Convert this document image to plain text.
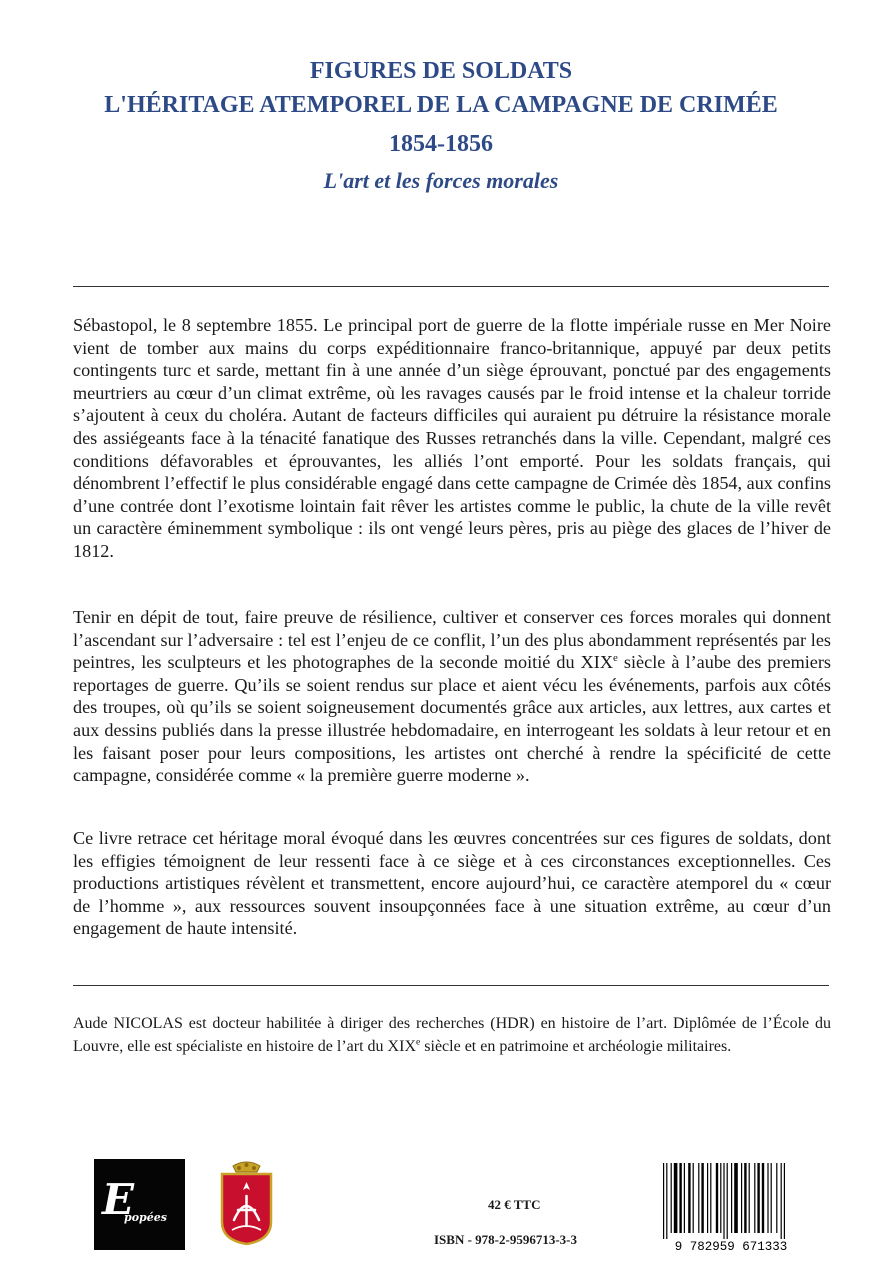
FIGURES DE SOLDATS
L'HÉRITAGE ATEMPOREL DE LA CAMPAGNE DE CRIMÉE
1854-1856
L'art et les forces morales

Sébastopol, le 8 septembre 1855. Le principal port de guerre de la flotte impériale russe en Mer Noire vient de tomber aux mains du corps expéditionnaire franco-britannique, appuyé par deux petits contingents turc et sarde, mettant fin à une année d’un siège éprouvant, ponctué par des engagements meurtriers au cœur d’un climat extrême, où les ravages causés par le froid intense et la chaleur torride s’ajoutent à ceux du choléra. Autant de facteurs difficiles qui auraient pu détruire la résistance morale des assiégeants face à la ténacité fanatique des Russes retranchés dans la ville. Cependant, malgré ces conditions défavorables et éprouvantes, les alliés l’ont emporté. Pour les soldats français, qui dénombrent l’effectif le plus considérable engagé dans cette campagne de Crimée dès 1854, aux confins d’une contrée dont l’exotisme lointain fait rêver les artistes comme le public, la chute de la ville revêt un caractère éminemment symbolique : ils ont vengé leurs pères, pris au piège des glaces de l’hiver de 1812.

Tenir en dépit de tout, faire preuve de résilience, cultiver et conserver ces forces morales qui donnent l’ascendant sur l’adversaire : tel est l’enjeu de ce conflit, l’un des plus abondamment représentés par les peintres, les sculpteurs et les photographes de la seconde moitié du XIXe siècle à l’aube des premiers reportages de guerre. Qu’ils se soient rendus sur place et aient vécu les événements, parfois aux côtés des troupes, où qu’ils se soient soigneusement documentés grâce aux articles, aux lettres, aux cartes et aux dessins publiés dans la presse illustrée hebdomadaire, en interrogeant les soldats à leur retour et en les faisant poser pour leurs compositions, les artistes ont cherché à rendre la spécificité de cette campagne, considérée comme « la première guerre moderne ».

Ce livre retrace cet héritage moral évoqué dans les œuvres concentrées sur ces figures de soldats, dont les effigies témoignent de leur ressenti face à ce siège et à ces circonstances exceptionnelles. Ces productions artistiques révèlent et transmettent, encore aujourd’hui, ce caractère atemporel du « cœur de l’homme », aux ressources souvent insoupçonnées face à une situation extrême, au cœur d’un engagement de haute intensité.

Aude NICOLAS est docteur habilitée à diriger des recherches (HDR) en histoire de l’art. Diplômée de l’École du Louvre, elle est spécialiste en histoire de l’art du XIXe siècle et en patrimoine et archéologie militaires.

E
popées
42 € TTC
ISBN - 978-2-9596713-3-3	9 782959 671333
